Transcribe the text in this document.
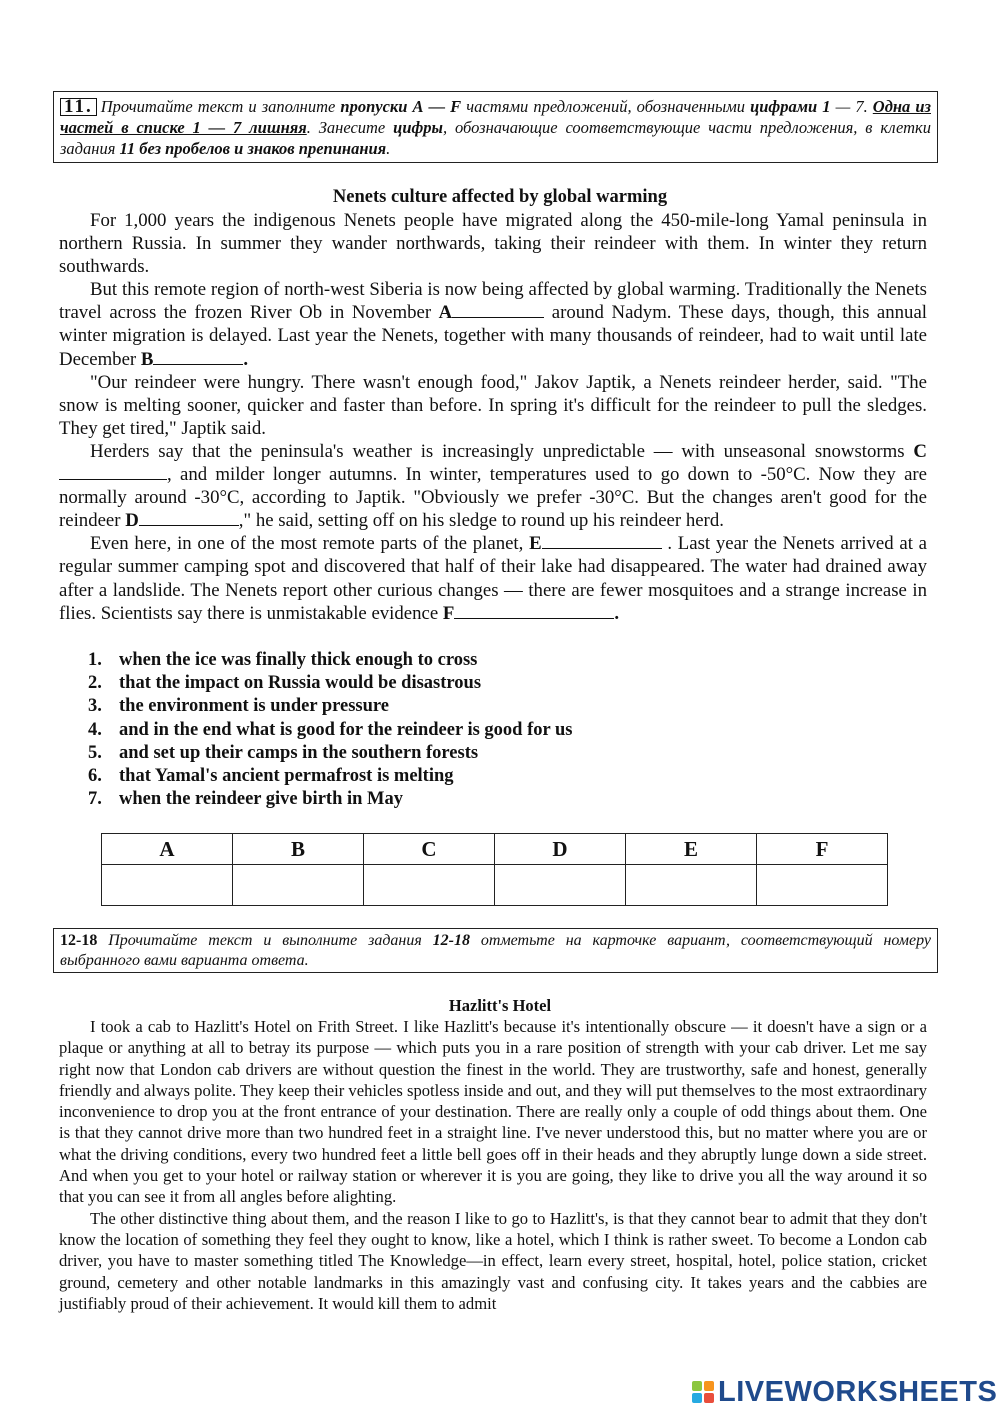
11. Прочитайте текст и заполните пропуски А — F частями предложений, обозначенными цифрами 1 — 7. Одна из частей в списке 1 — 7 лишняя. Занесите цифры, обозначающие соответствующие части предложения, в клетки задания 11 без пробелов и знаков препинания.
Nenets culture affected by global warming

For 1,000 years the indigenous Nenets people have migrated along the 450-mile-long Yamal peninsula in northern Russia. In summer they wander northwards, taking their reindeer with them. In winter they return southwards.

But this remote region of north-west Siberia is now being affected by global warming. Traditionally the Nenets travel across the frozen River Ob in November A	around Nadym. These days, though, this annual winter migration is delayed. Last year the Nenets, together with many thousands of reindeer, had to wait until late December B	.

"Our reindeer were hungry. There wasn't enough food," Jakov Japtik, a Nenets reindeer herder, said. "The snow is melting sooner, quicker and faster than before. In spring it's difficult for the reindeer to pull the sledges. They get tired," Japtik said.

Herders say that the peninsula's weather is increasingly unpredictable — with unseasonal snowstorms C, and milder longer autumns. In winter, temperatures used to go down to -50°C. Now they are normally around -30°C, according to Japtik. "Obviously we prefer -30°C. But the changes aren't good for the reindeer D	," he said, setting off on his sledge to round up his reindeer herd.

Even here, in one of the most remote parts of the planet, E	. Last year the Nenets arrived at a regular summer camping spot and discovered that half of their lake had disappeared. The water had drained away after a landslide. The Nenets report other curious changes — there are fewer mosquitoes and a strange increase in flies. Scientists say there is unmistakable evidence F	.

1. when the ice was finally thick enough to cross
2. that the impact on Russia would be disastrous
3. the environment is under pressure
4. and in the end what is good for the reindeer is good for us
5. and set up their camps in the southern forests
6. that Yamal's ancient permafrost is melting
7. when the reindeer give birth in May
A	B	C	D	E	F

12-18 Прочитайте текст и выполните задания 12-18 отметьте на карточке вариант, соответствующий номеру выбранного вами варианта ответа.
Hazlitt's Hotel

I took a cab to Hazlitt's Hotel on Frith Street. I like Hazlitt's because it's intentionally obscure — it doesn't have a sign or a plaque or anything at all to betray its purpose — which puts you in a rare position of strength with your cab driver. Let me say right now that London cab drivers are without question the finest in the world. They are trustworthy, safe and honest, generally friendly and always polite. They keep their vehicles spotless inside and out, and they will put themselves to the most extraordinary inconvenience to drop you at the front entrance of your destination. There are really only a couple of odd things about them. One is that they cannot drive more than two hundred feet in a straight line. I've never understood this, but no matter where you are or what the driving conditions, every two hundred feet a little bell goes off in their heads and they abruptly lunge down a side street. And when you get to your hotel or railway station or wherever it is you are going, they like to drive you all the way around it so that you can see it from all angles before alighting.

The other distinctive thing about them, and the reason I like to go to Hazlitt's, is that they cannot bear to admit that they don't know the location of something they feel they ought to know, like a hotel, which I think is rather sweet. To become a London cab driver, you have to master something titled The Knowledge—in effect, learn every street, hospital, hotel, police station, cricket ground, cemetery and other notable landmarks in this amazingly vast and confusing city. It takes years and the cabbies are justifiably proud of their achievement. It would kill them to admit

LIVEWORKSHEETS
